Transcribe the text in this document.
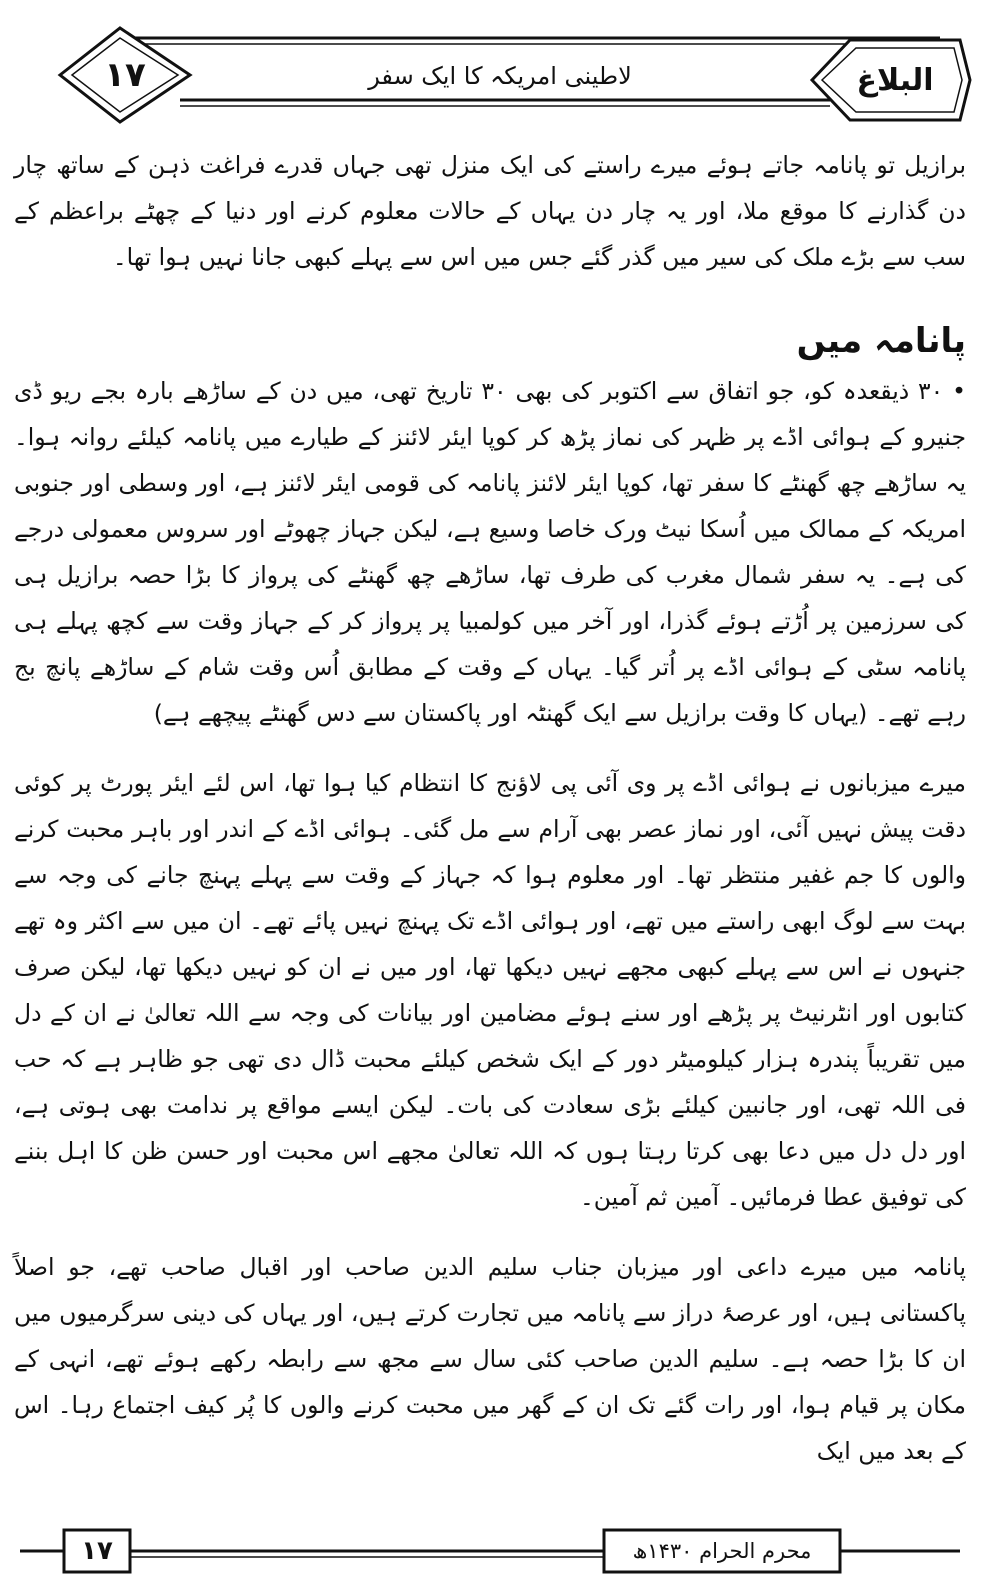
۱۷	لاطینی امریکہ کا ایک سفر	البلاغ

برازیل تو پانامہ جاتے ہوئے میرے راستے کی ایک منزل تھی جہاں قدرے فراغت ذہن کے ساتھ چار دن گذارنے کا موقع ملا، اور یہ چار دن یہاں کے حالات معلوم کرنے اور دنیا کے چھٹے براعظم کے سب سے بڑے ملک کی سیر میں گذر گئے جس میں اس سے پہلے کبھی جانا نہیں ہوا تھا۔

پانامہ میں

• ۳۰ ذیقعدہ کو، جو اتفاق سے اکتوبر کی بھی ۳۰ تاریخ تھی، میں دن کے ساڑھے بارہ بجے ریو ڈی جنیرو کے ہوائی اڈے پر ظہر کی نماز پڑھ کر کوپا ایئر لائنز کے طیارے میں پانامہ کیلئے روانہ ہوا۔ یہ ساڑھے چھ گھنٹے کا سفر تھا، کوپا ایئر لائنز پانامہ کی قومی ایئر لائنز ہے، اور وسطی اور جنوبی امریکہ کے ممالک میں اُسکا نیٹ ورک خاصا وسیع ہے، لیکن جہاز چھوٹے اور سروس معمولی درجے کی ہے۔ یہ سفر شمال مغرب کی طرف تھا، ساڑھے چھ گھنٹے کی پرواز کا بڑا حصہ برازیل ہی کی سرزمین پر اُڑتے ہوئے گذرا، اور آخر میں کولمبیا پر پرواز کر کے جہاز وقت سے کچھ پہلے ہی پانامہ سٹی کے ہوائی اڈے پر اُتر گیا۔ یہاں کے وقت کے مطابق اُس وقت شام کے ساڑھے پانچ بج رہے تھے۔ (یہاں کا وقت برازیل سے ایک گھنٹہ اور پاکستان سے دس گھنٹے پیچھے ہے)

میرے میزبانوں نے ہوائی اڈے پر وی آئی پی لاؤنج کا انتظام کیا ہوا تھا، اس لئے ایئر پورٹ پر کوئی دقت پیش نہیں آئی، اور نماز عصر بھی آرام سے مل گئی۔ ہوائی اڈے کے اندر اور باہر محبت کرنے والوں کا جم غفیر منتظر تھا۔ اور معلوم ہوا کہ جہاز کے وقت سے پہلے پہنچ جانے کی وجہ سے بہت سے لوگ ابھی راستے میں تھے، اور ہوائی اڈے تک پہنچ نہیں پائے تھے۔ ان میں سے اکثر وہ تھے جنہوں نے اس سے پہلے کبھی مجھے نہیں دیکھا تھا، اور میں نے ان کو نہیں دیکھا تھا، لیکن صرف کتابوں اور انٹرنیٹ پر پڑھے اور سنے ہوئے مضامین اور بیانات کی وجہ سے اللہ تعالیٰ نے ان کے دل میں تقریباً پندرہ ہزار کیلومیٹر دور کے ایک شخص کیلئے محبت ڈال دی تھی جو ظاہر ہے کہ حب فی اللہ تھی، اور جانبین کیلئے بڑی سعادت کی بات۔ لیکن ایسے مواقع پر ندامت بھی ہوتی ہے، اور دل دل میں دعا بھی کرتا رہتا ہوں کہ اللہ تعالیٰ مجھے اس محبت اور حسن ظن کا اہل بننے کی توفیق عطا فرمائیں۔ آمین ثم آمین۔

پانامہ میں میرے داعی اور میزبان جناب سلیم الدین صاحب اور اقبال صاحب تھے، جو اصلاً پاکستانی ہیں، اور عرصۂ دراز سے پانامہ میں تجارت کرتے ہیں، اور یہاں کی دینی سرگرمیوں میں ان کا بڑا حصہ ہے۔ سلیم الدین صاحب کئی سال سے مجھ سے رابطہ رکھے ہوئے تھے، انہی کے مکان پر قیام ہوا، اور رات گئے تک ان کے گھر میں محبت کرنے والوں کا پُر کیف اجتماع رہا۔ اس کے بعد میں ایک

۱۷	محرم الحرام ۱۴۳۰ھ
